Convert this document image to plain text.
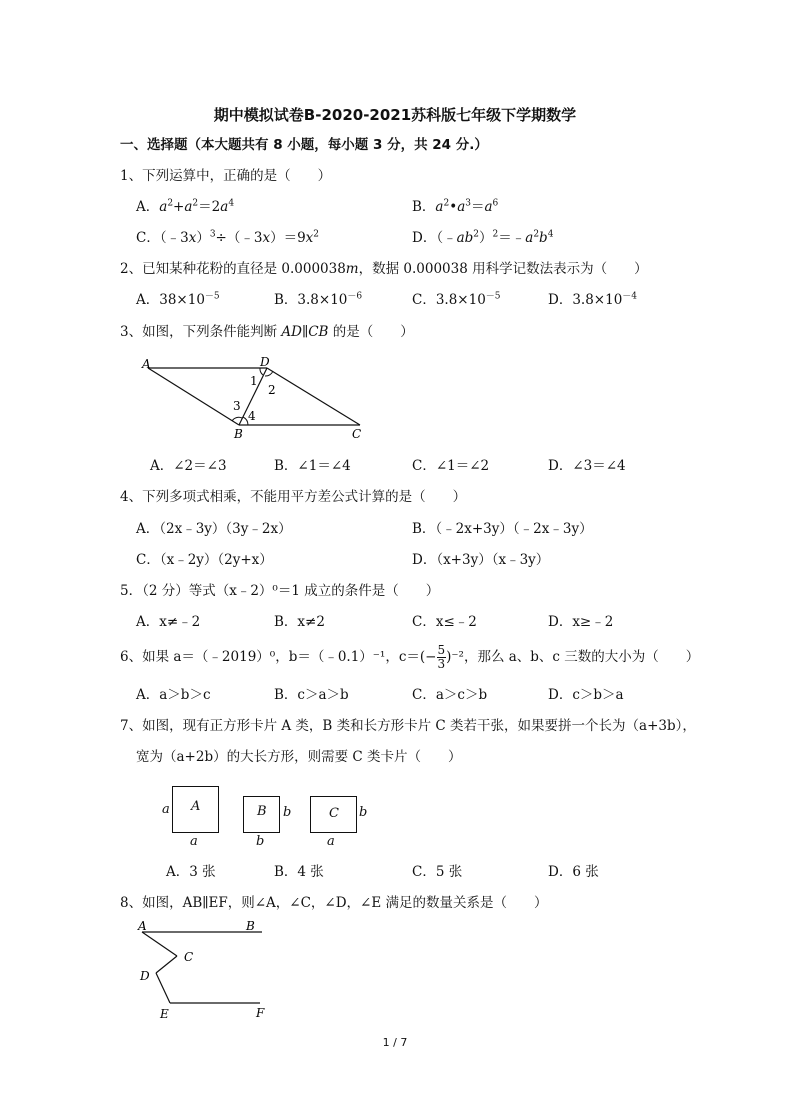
期中模拟试卷B-2020-2021苏科版七年级下学期数学
一、选择题（本大题共有 8 小题，每小题 3 分，共 24 分.）
1、下列运算中，正确的是（　　）
A．$a^2+a^2=2a^4$	B．$a^2•a^3=a^6$
C．$(﹣3x)^3\div(﹣3x)=9x^2$	D．$(﹣ab^2)^2=﹣a^2b^4$
2、已知某种花粉的直径是 0.000038m，数据 0.000038 用科学记数法表示为（　　）
A．$38\times 10^{-5}$	B．$3.8\times 10^{-6}$	C．$3.8\times 10^{-5}$	D．$3.8\times 10^{-4}$
3、如图，下列条件能判断 AD∥CB 的是（　　）
A	D
B	C
1
2
3
4
A．∠2＝∠3	B．∠1＝∠4	C．∠1＝∠2	D．∠3＝∠4
4、下列多项式相乘，不能用平方差公式计算的是（　　）
A．（2x﹣3y）（3y﹣2x）	B．（﹣2x+3y）（﹣2x﹣3y）
C．（x﹣2y）（2y+x）	D．（x+3y）（x﹣3y）
5．（2 分）等式（x﹣2）⁰＝1 成立的条件是（　　）
A．x≠﹣2	B．x≠2	C．x≤﹣2	D．x≥﹣2
6、如果 a＝（﹣2019）⁰，b＝（﹣0.1）⁻¹，$c=(- \frac{5}{3} )^{-2}$，那么 a、b、c 三数的大小为（　　）
A．a＞b＞c	B．c＞a＞b	C．a＞c＞b	D．c＞b＞a
7、如图，现有正方形卡片 A 类，B 类和长方形卡片 C 类若干张，如果要拼一个长为（a+3b），
宽为（a+2b）的大长方形，则需要 C 类卡片（　　）
A
a
a
B b
b
C b
a
A．3 张	B．4 张	C．5 张	D．6 张
8、如图，AB∥EF，则∠A，∠C，∠D，∠E 满足的数量关系是（　　）
A	B
C
D
E	F
1 / 7
